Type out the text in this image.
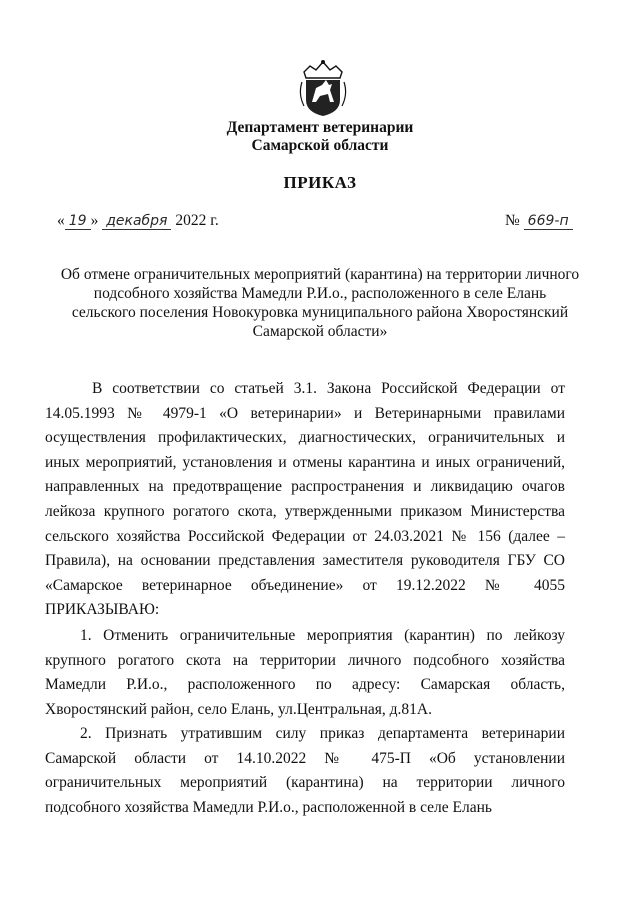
Департамент ветеринарии
Самарской области
ПРИКАЗ
« 19 » декабря 2022 г.	№ 669-п
Об отмене ограничительных мероприятий (карантина) на территории личного подсобного хозяйства Мамедли Р.И.о., расположенного в селе Елань сельского поселения Новокуровка муниципального района Хворостянский Самарской области»
В соответствии со статьей 3.1. Закона Российской Федерации от 14.05.1993 № 4979-1 «О ветеринарии» и Ветеринарными правилами осуществления профилактических, диагностических, ограничительных и иных мероприятий, установления и отмены карантина и иных ограничений, направленных на предотвращение распространения и ликвидацию очагов лейкоза крупного рогатого скота, утвержденными приказом Министерства сельского хозяйства Российской Федерации от 24.03.2021 № 156 (далее – Правила), на основании представления заместителя руководителя ГБУ СО «Самарское ветеринарное объединение» от 19.12.2022 № 4055 ПРИКАЗЫВАЮ:
1. Отменить ограничительные мероприятия (карантин) по лейкозу крупного рогатого скота на территории личного подсобного хозяйства Мамедли Р.И.о., расположенного по адресу: Самарская область, Хворостянский район, село Елань, ул.Центральная, д.81А.
2. Признать утратившим силу приказ департамента ветеринарии Самарской области от 14.10.2022 № 475-П «Об установлении ограничительных мероприятий (карантина) на территории личного подсобного хозяйства Мамедли Р.И.о., расположенной в селе Елань
